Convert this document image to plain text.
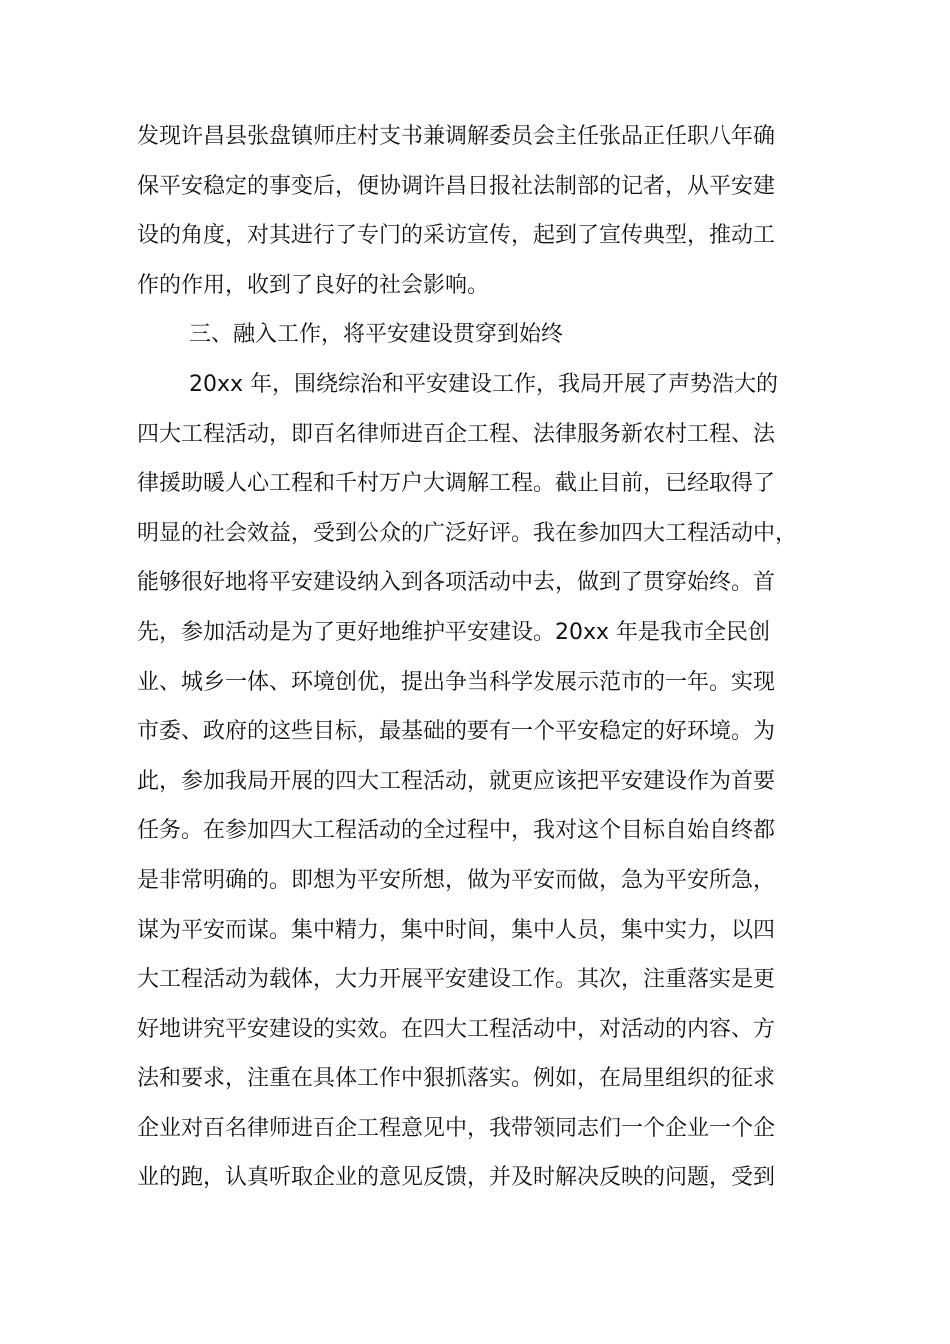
发现许昌县张盘镇师庄村支书兼调解委员会主任张品正任职八年确
保平安稳定的事变后，便协调许昌日报社法制部的记者，从平安建
设的角度，对其进行了专门的采访宣传，起到了宣传典型，推动工
作的作用，收到了良好的社会影响。
三、融入工作，将平安建设贯穿到始终
20xx 年，围绕综治和平安建设工作，我局开展了声势浩大的
四大工程活动，即百名律师进百企工程、法律服务新农村工程、法
律援助暖人心工程和千村万户大调解工程。截止目前，已经取得了
明显的社会效益，受到公众的广泛好评。我在参加四大工程活动中，
能够很好地将平安建设纳入到各项活动中去，做到了贯穿始终。首
先，参加活动是为了更好地维护平安建设。20xx 年是我市全民创
业、城乡一体、环境创优，提出争当科学发展示范市的一年。实现
市委、政府的这些目标，最基础的要有一个平安稳定的好环境。为
此，参加我局开展的四大工程活动，就更应该把平安建设作为首要
任务。在参加四大工程活动的全过程中，我对这个目标自始自终都
是非常明确的。即想为平安所想，做为平安而做，急为平安所急，
谋为平安而谋。集中精力，集中时间，集中人员，集中实力，以四
大工程活动为载体，大力开展平安建设工作。其次，注重落实是更
好地讲究平安建设的实效。在四大工程活动中，对活动的内容、方
法和要求，注重在具体工作中狠抓落实。例如，在局里组织的征求
企业对百名律师进百企工程意见中，我带领同志们一个企业一个企
业的跑，认真听取企业的意见反馈，并及时解决反映的问题，受到
